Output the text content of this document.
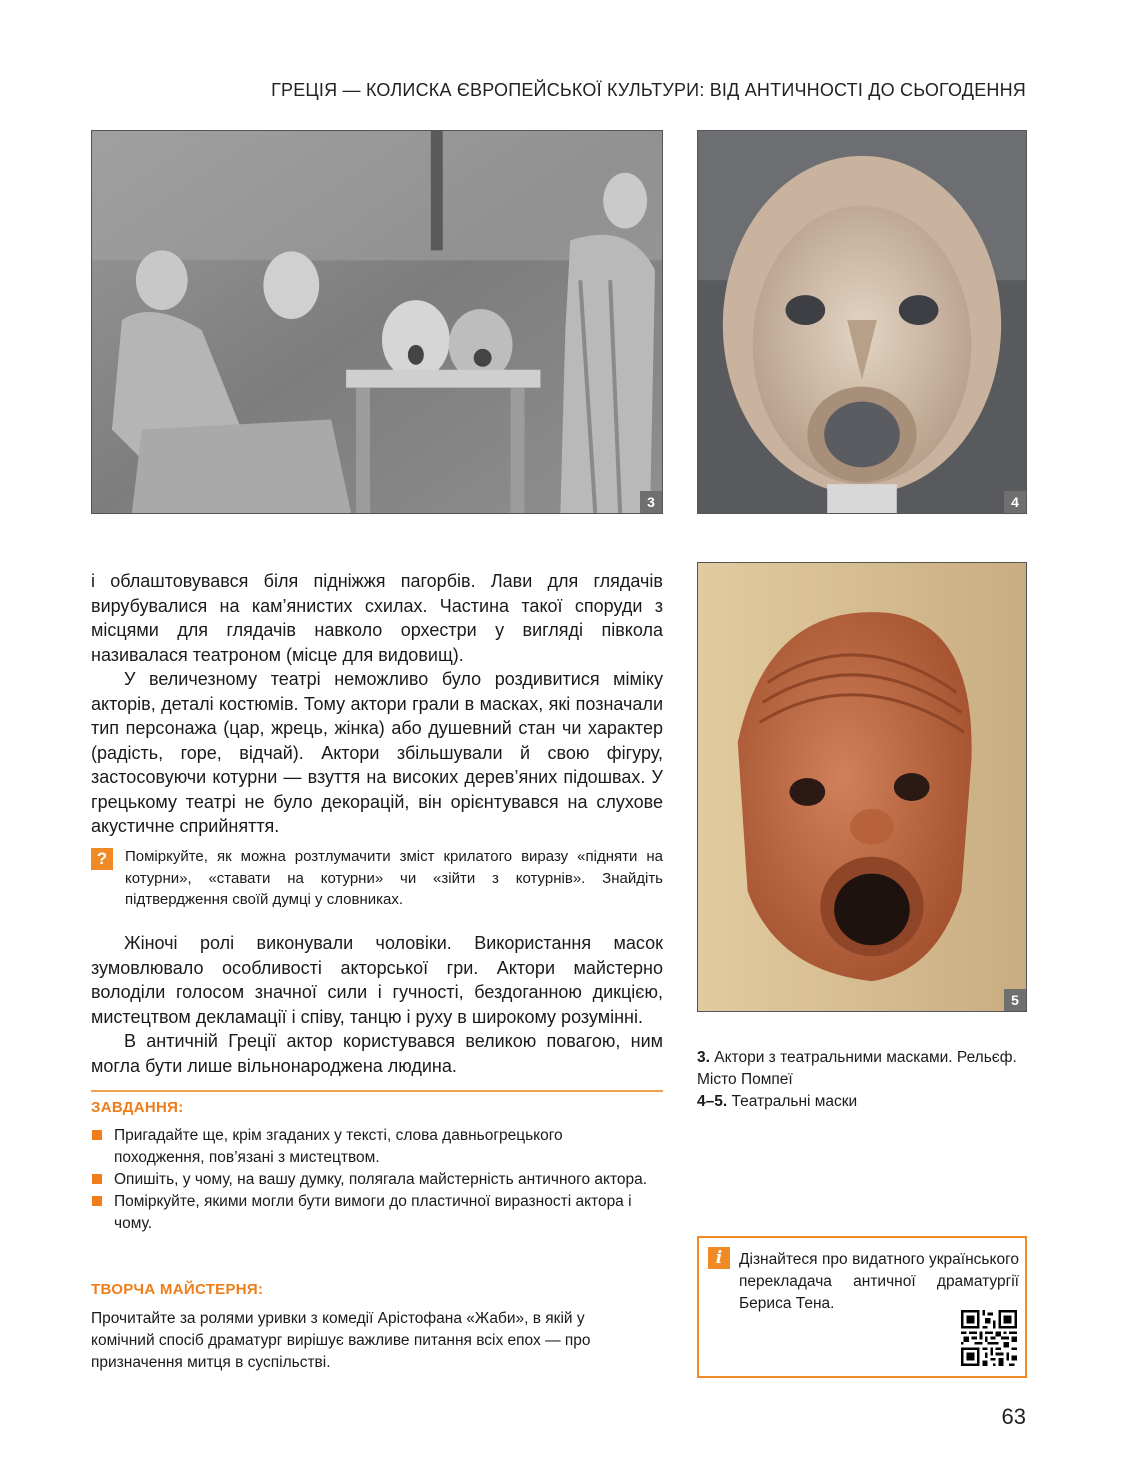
ГРЕЦІЯ — КОЛИСКА ЄВРОПЕЙСЬКОЇ КУЛЬТУРИ: ВІД АНТИЧНОСТІ ДО СЬОГОДЕННЯ
3	4
5

і облаштовувався біля підніжжя пагорбів. Лави для глядачів вирубувалися на кам’янистих схилах. Частина такої споруди з місцями для глядачів навколо орхестри у вигляді півкола називалася театроном (місце для видовищ).

У величезному театрі неможливо було роздивитися міміку акторів, деталі костюмів. Тому актори грали в масках, які позначали тип персонажа (цар, жрець, жінка) або душевний стан чи характер (радість, горе, відчай). Актори збільшували й свою фігуру, застосовуючи котурни — взуття на високих дерев’яних підошвах. У грецькому театрі не було декорацій, він орієнтувався на слухове акустичне сприйняття.

?	Поміркуйте, як можна розтлумачити зміст крилатого виразу «підняти на котурни», «ставати на котурни» чи «зійти з котурнів». Знайдіть підтвердження своїй думці у словниках.

Жіночі ролі виконували чоловіки. Використання масок зумовлювало особливості акторської гри. Актори майстерно володіли голосом значної сили і гучності, бездоганною дикцією, мистецтвом декламації і співу, танцю і руху в широкому розумінні.

В античній Греції актор користувався великою повагою, ним могла бути лише вільнонароджена людина.

ЗАВДАННЯ:
Пригадайте ще, крім згаданих у тексті, слова давньогрецького походження, пов’язані з мистецтвом.
Опишіть, у чому, на вашу думку, полягала майстерність античного актора.
Поміркуйте, якими могли бути вимоги до пластичної виразності актора і чому.
ТВОРЧА МАЙСТЕРНЯ:
Прочитайте за ролями уривки з комедії Арістофана «Жаби», в якій у комічний спосіб драматург вирішує важливе питання всіх епох — про призначення митця в суспільстві.
3. Актори з театральними масками. Рельєф. Місто Помпеї
4–5. Театральні маски
i	Дізнайтеся про видатного українського перекладача античної драматургії Бериса Тена.
63
